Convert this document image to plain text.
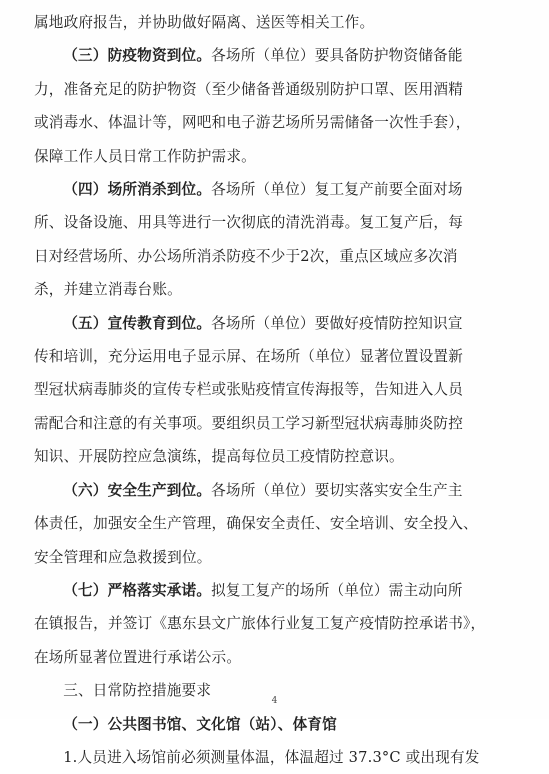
属地政府报告，并协助做好隔离、送医等相关工作。

（三）防疫物资到位。各场所（单位）要具备防护物资储备能
力，准备充足的防护物资（至少储备普通级别防护口罩、医用酒精
或消毒水、体温计等，网吧和电子游艺场所另需储备一次性手套），
保障工作人员日常工作防护需求。

（四）场所消杀到位。各场所（单位）复工复产前要全面对场
所、设备设施、用具等进行一次彻底的清洗消毒。复工复产后，每
日对经营场所、办公场所消杀防疫不少于2次，重点区域应多次消
杀，并建立消毒台账。

（五）宣传教育到位。各场所（单位）要做好疫情防控知识宣
传和培训，充分运用电子显示屏、在场所（单位）显著位置设置新
型冠状病毒肺炎的宣传专栏或张贴疫情宣传海报等，告知进入人员
需配合和注意的有关事项。要组织员工学习新型冠状病毒肺炎防控
知识、开展防控应急演练，提高每位员工疫情防控意识。

（六）安全生产到位。各场所（单位）要切实落实安全生产主
体责任，加强安全生产管理，确保安全责任、安全培训、安全投入、
安全管理和应急救援到位。

（七）严格落实承诺。拟复工复产的场所（单位）需主动向所
在镇报告，并签订《惠东县文广旅体行业复工复产疫情防控承诺书》，
在场所显著位置进行承诺公示。

三、日常防控措施要求

（一）公共图书馆、文化馆（站）、体育馆

1.人员进入场馆前必须测量体温，体温超过 37.3°C 或出现有发

4
